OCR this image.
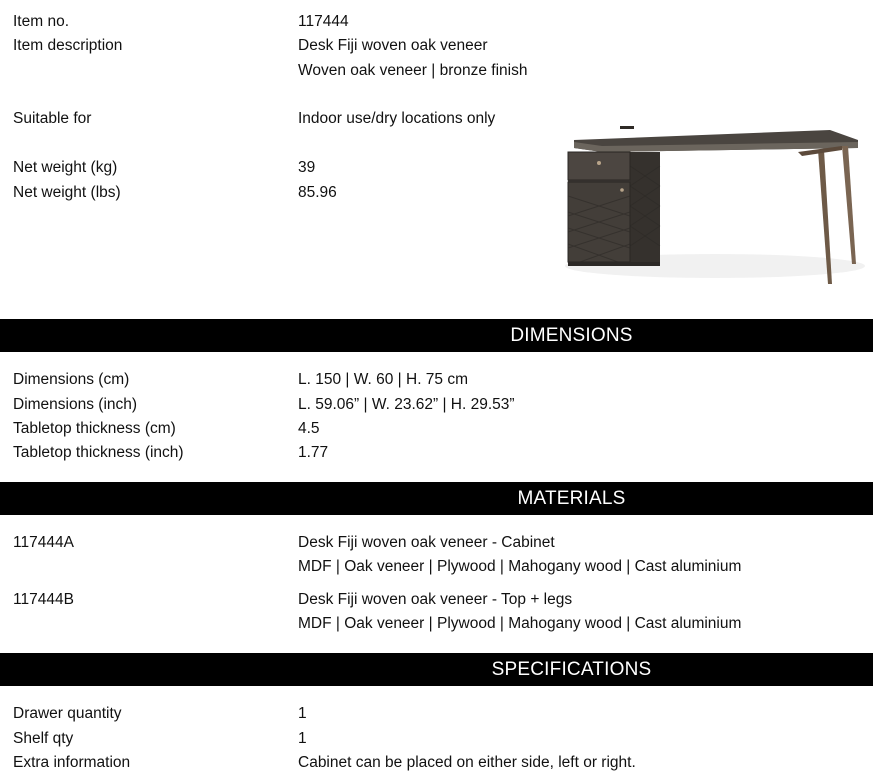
Item no.	117444
Item description	Desk Fiji woven oak veneer
Woven oak veneer | bronze finish
Suitable for	Indoor use/dry locations only
Net weight (kg)	39
Net weight (lbs)	85.96
DIMENSIONS
Dimensions (cm)	L. 150 | W. 60 | H. 75 cm
Dimensions (inch)	L. 59.06” | W. 23.62” | H. 29.53”
Tabletop thickness (cm)	4.5
Tabletop thickness (inch)	1.77
MATERIALS
117444A	Desk Fiji woven oak veneer - Cabinet
MDF | Oak veneer | Plywood | Mahogany wood | Cast aluminium
117444B	Desk Fiji woven oak veneer - Top + legs
MDF | Oak veneer | Plywood | Mahogany wood | Cast aluminium
SPECIFICATIONS
Drawer quantity	1
Shelf qty	1
Extra information	Cabinet can be placed on either side, left or right.
